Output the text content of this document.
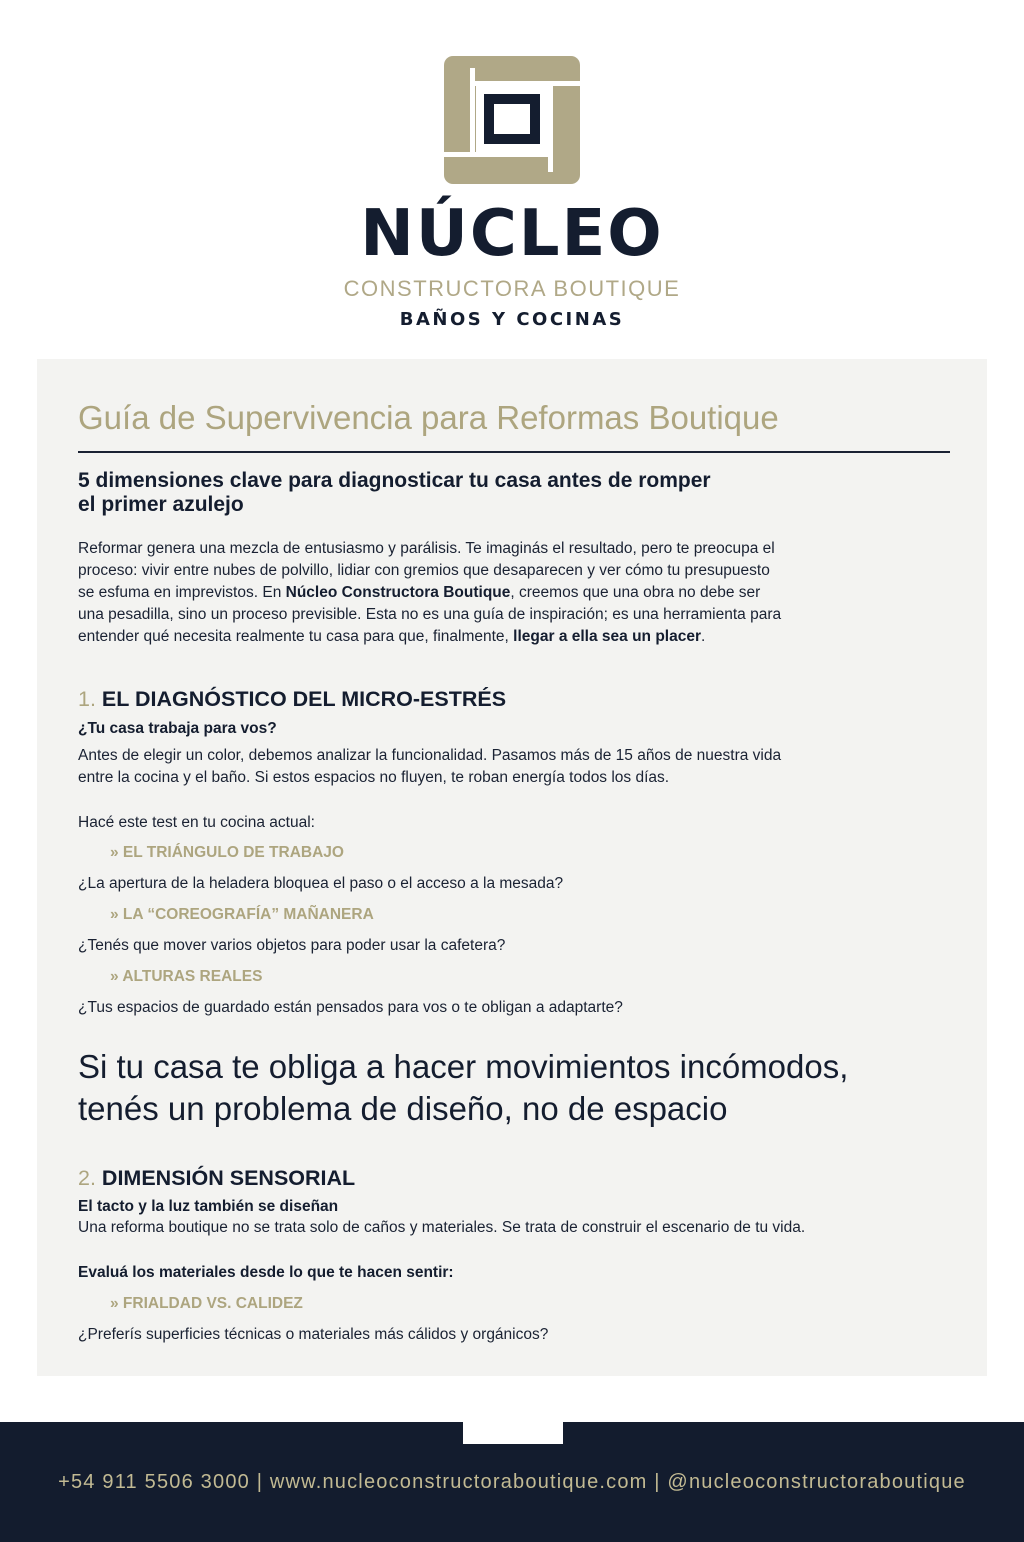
NÚCLEO
CONSTRUCTORA BOUTIQUE
BAÑOS Y COCINAS
Guía de Supervivencia para Reformas Boutique
5 dimensiones clave para diagnosticar tu casa antes de romper
el primer azulejo
Reformar genera una mezcla de entusiasmo y parálisis. Te imaginás el resultado, pero te preocupa el
proceso: vivir entre nubes de polvillo, lidiar con gremios que desaparecen y ver cómo tu presupuesto
se esfuma en imprevistos. En Núcleo Constructora Boutique, creemos que una obra no debe ser
una pesadilla, sino un proceso previsible. Esta no es una guía de inspiración; es una herramienta para
entender qué necesita realmente tu casa para que, finalmente, llegar a ella sea un placer.
1. EL DIAGNÓSTICO DEL MICRO-ESTRÉS
¿Tu casa trabaja para vos?
Antes de elegir un color, debemos analizar la funcionalidad. Pasamos más de 15 años de nuestra vida
entre la cocina y el baño. Si estos espacios no fluyen, te roban energía todos los días.
Hacé este test en tu cocina actual:
» EL TRIÁNGULO DE TRABAJO
¿La apertura de la heladera bloquea el paso o el acceso a la mesada?
» LA “COREOGRAFÍA” MAÑANERA
¿Tenés que mover varios objetos para poder usar la cafetera?
» ALTURAS REALES
¿Tus espacios de guardado están pensados para vos o te obligan a adaptarte?
Si tu casa te obliga a hacer movimientos incómodos,
tenés un problema de diseño, no de espacio
2. DIMENSIÓN SENSORIAL
El tacto y la luz también se diseñan
Una reforma boutique no se trata solo de caños y materiales. Se trata de construir el escenario de tu vida.
Evaluá los materiales desde lo que te hacen sentir:
» FRIALDAD VS. CALIDEZ
¿Preferís superficies técnicas o materiales más cálidos y orgánicos?
+54 911 5506 3000 | www.nucleoconstructoraboutique.com | @nucleoconstructoraboutique
